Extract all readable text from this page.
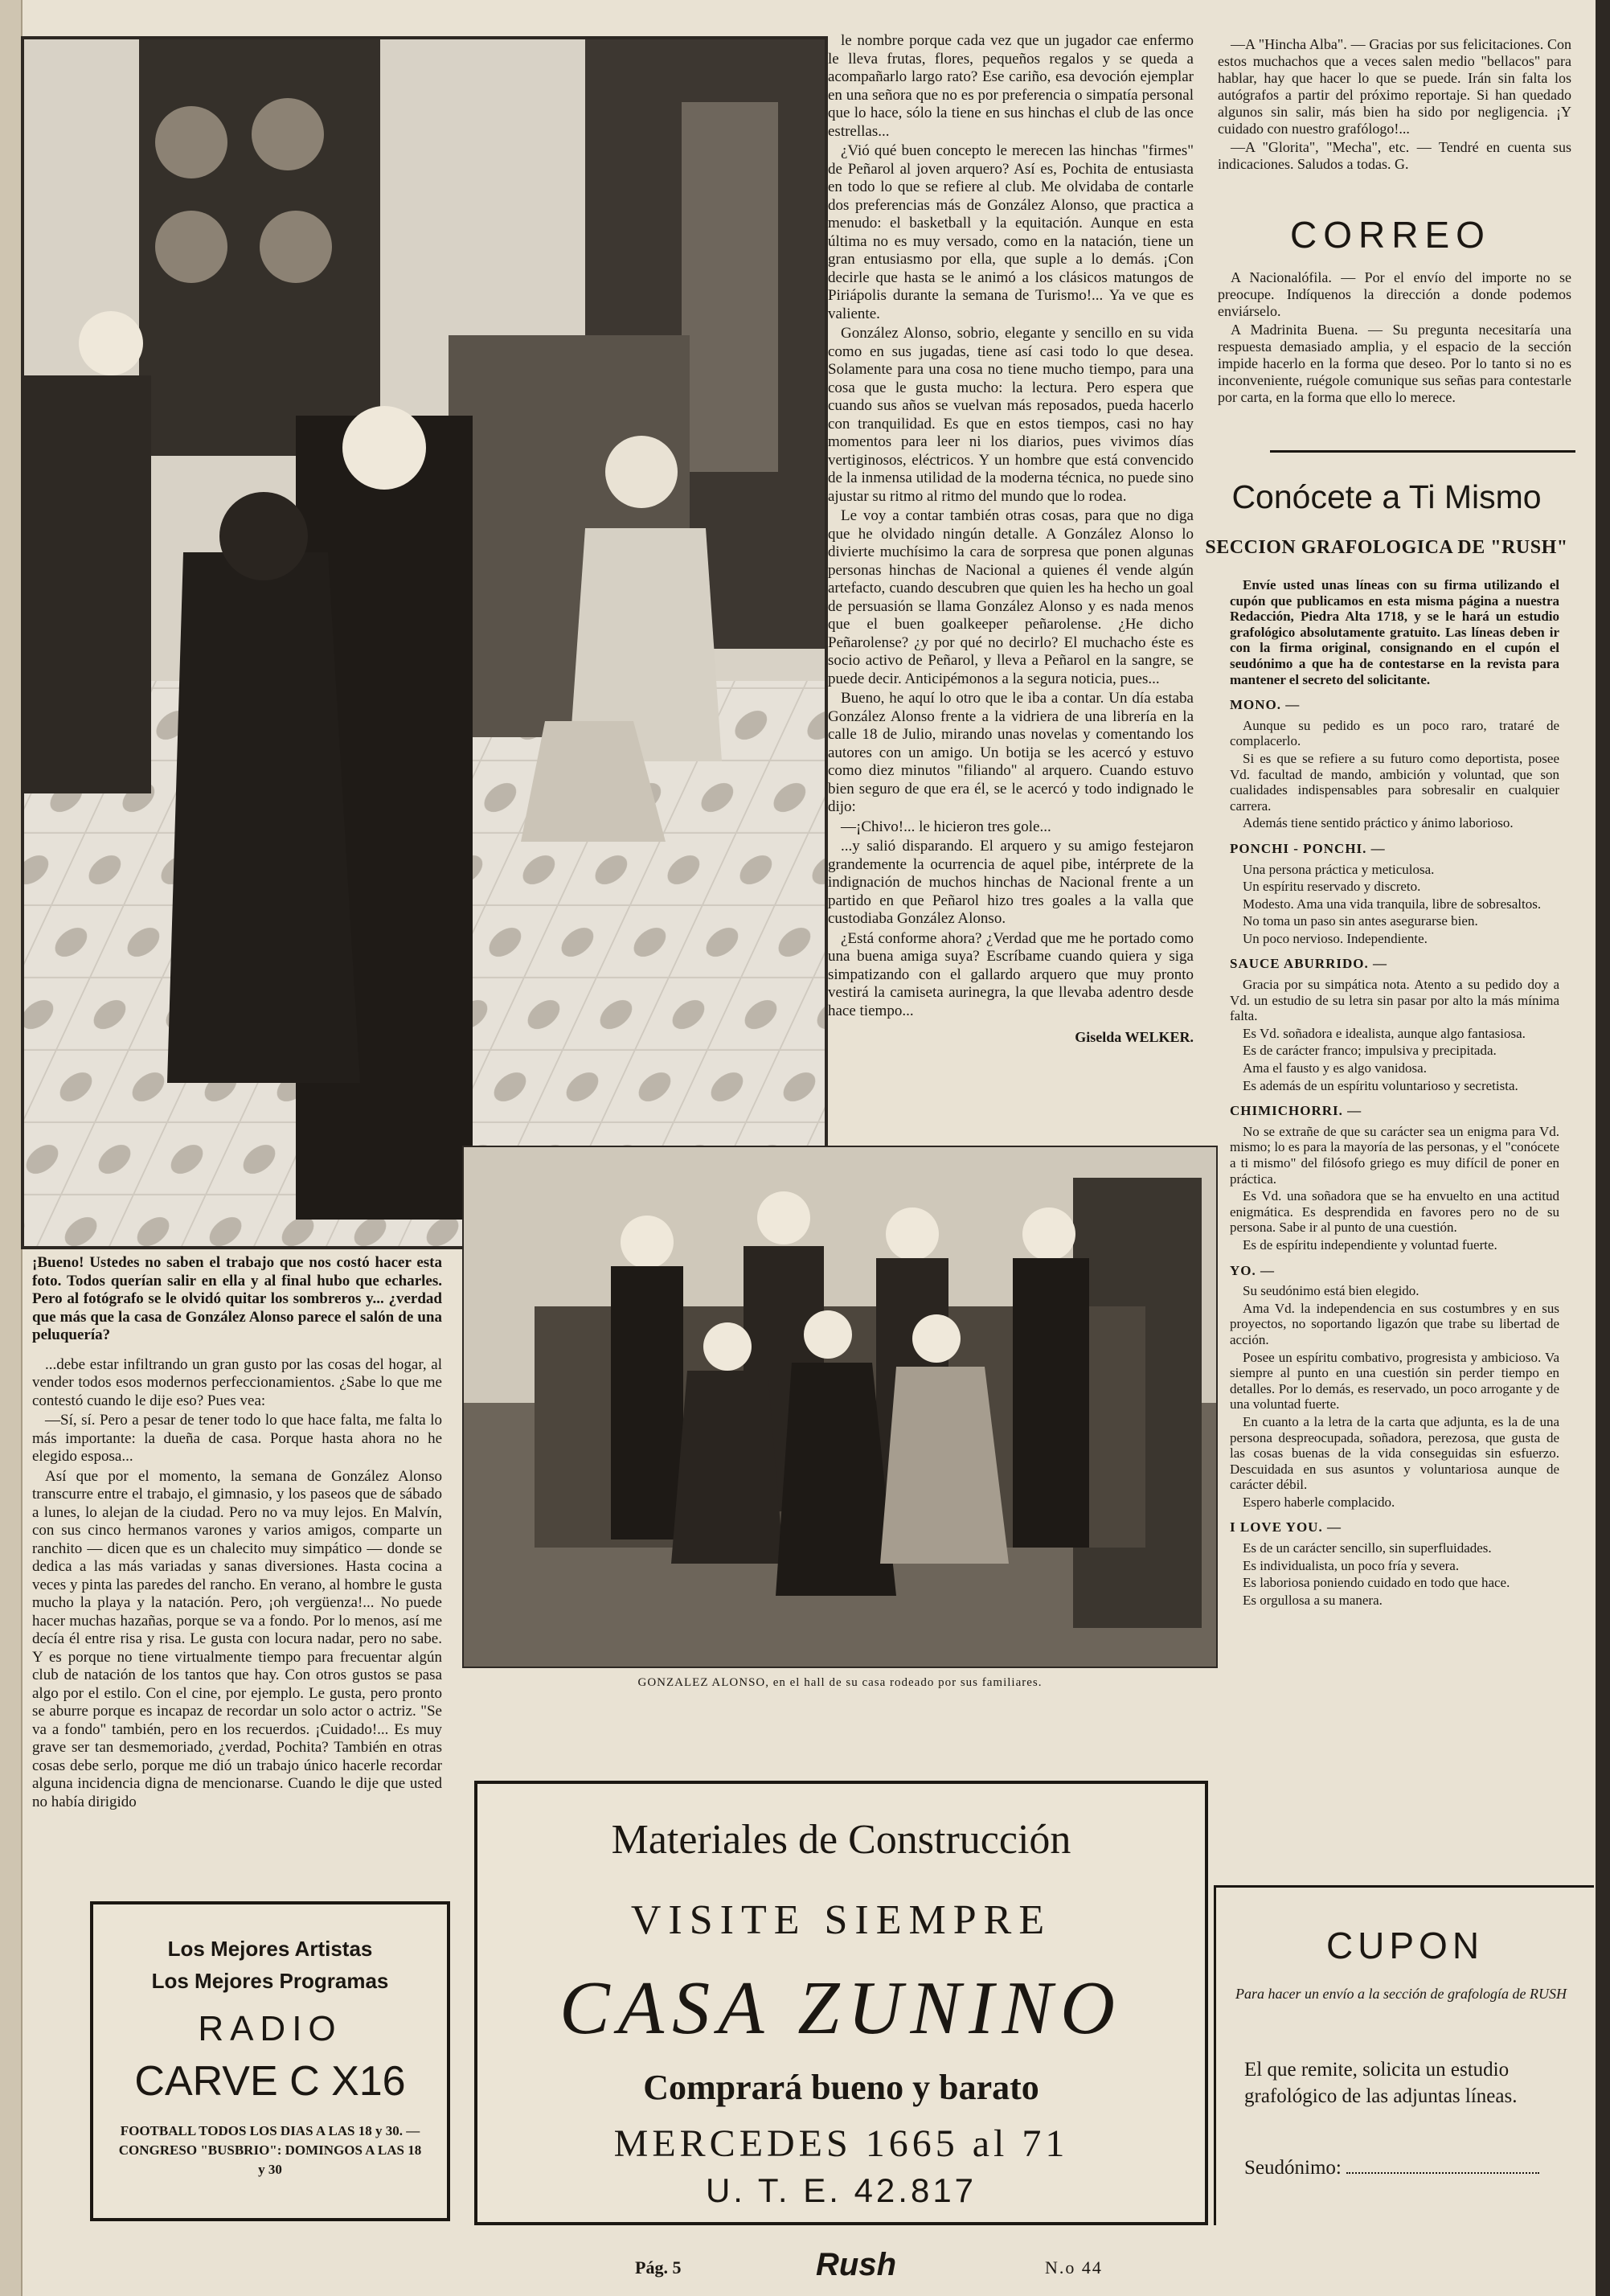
le nombre porque cada vez que un jugador cae enfermo le lleva frutas, flores, pequeños regalos y se queda a acompañarlo largo rato? Ese cariño, esa devoción ejemplar en una señora que no es por preferencia o simpatía personal que lo hace, sólo la tiene en sus hinchas el club de las once estrellas...

¿Vió qué buen concepto le merecen las hinchas "firmes" de Peñarol al joven arquero? Así es, Pochita de entusiasta en todo lo que se refiere al club. Me olvidaba de contarle dos preferencias más de González Alonso, que practica a menudo: el basketball y la equitación. Aunque en esta última no es muy versado, como en la natación, tiene un gran entusiasmo por ella, que suple a lo demás. ¡Con decirle que hasta se le animó a los clásicos matungos de Piriápolis durante la semana de Turismo!... Ya ve que es valiente.

González Alonso, sobrio, elegante y sencillo en su vida como en sus jugadas, tiene así casi todo lo que desea. Solamente para una cosa no tiene mucho tiempo, para una cosa que le gusta mucho: la lectura. Pero espera que cuando sus años se vuelvan más reposados, pueda hacerlo con tranquilidad. Es que en estos tiempos, casi no hay momentos para leer ni los diarios, pues vivimos días vertiginosos, eléctricos. Y un hombre que está convencido de la inmensa utilidad de la moderna técnica, no puede sino ajustar su ritmo al ritmo del mundo que lo rodea.

Le voy a contar también otras cosas, para que no diga que he olvidado ningún detalle. A González Alonso lo divierte muchísimo la cara de sorpresa que ponen algunas personas hinchas de Nacional a quienes él vende algún artefacto, cuando descubren que quien les ha hecho un goal de persuasión se llama González Alonso y es nada menos que el buen goalkeeper peñarolense. ¿He dicho Peñarolense? ¿y por qué no decirlo? El muchacho éste es socio activo de Peñarol, y lleva a Peñarol en la sangre, se puede decir. Anticipémonos a la segura noticia, pues...

Bueno, he aquí lo otro que le iba a contar. Un día estaba González Alonso frente a la vidriera de una librería en la calle 18 de Julio, mirando unas novelas y comentando los autores con un amigo. Un botija se les acercó y estuvo como diez minutos "filiando" al arquero. Cuando estuvo bien seguro de que era él, se le acercó y todo indignado le dijo:

—¡Chivo!... le hicieron tres gole...

...y salió disparando. El arquero y su amigo festejaron grandemente la ocurrencia de aquel pibe, intérprete de la indignación de muchos hinchas de Nacional frente a un partido en que Peñarol hizo tres goales a la valla que custodiaba González Alonso.

¿Está conforme ahora? ¿Verdad que me he portado como una buena amiga suya? Escríbame cuando quiera y siga simpatizando con el gallardo arquero que muy pronto vestirá la camiseta aurinegra, la que llevaba adentro desde hace tiempo...

Giselda WELKER.

—A "Hincha Alba". — Gracias por sus felicitaciones. Con estos muchachos que a veces salen medio "bellacos" para hablar, hay que hacer lo que se puede. Irán sin falta los autógrafos a partir del próximo reportaje. Si han quedado algunos sin salir, más bien ha sido por negligencia. ¡Y cuidado con nuestro grafólogo!...

—A "Glorita", "Mecha", etc. — Tendré en cuenta sus indicaciones. Saludos a todas. G.

CORREO

A Nacionalófila. — Por el envío del importe no se preocupe. Indíquenos la dirección a donde podemos enviárselo.

A Madrinita Buena. — Su pregunta necesitaría una respuesta demasiado amplia, y el espacio de la sección impide hacerlo en la forma que deseo. Por lo tanto si no es inconveniente, ruégole comunique sus señas para contestarle por carta, en la forma que ello lo merece.

Conócete a Ti Mismo
SECCION GRAFOLOGICA DE "RUSH"

Envíe usted unas líneas con su firma utilizando el cupón que publicamos en esta misma página a nuestra Redacción, Piedra Alta 1718, y se le hará un estudio grafológico absolutamente gratuito. Las líneas deben ir con la firma original, consignando en el cupón el seudónimo a que ha de contestarse en la revista para mantener el secreto del solicitante.

MONO. —

Aunque su pedido es un poco raro, trataré de complacerlo.

Si es que se refiere a su futuro como deportista, posee Vd. facultad de mando, ambición y voluntad, que son cualidades indispensables para sobresalir en cualquier carrera.

Además tiene sentido práctico y ánimo laborioso.

PONCHI - PONCHI. —

Una persona práctica y meticulosa.

Un espíritu reservado y discreto.

Modesto. Ama una vida tranquila, libre de sobresaltos.

No toma un paso sin antes asegurarse bien.

Un poco nervioso. Independiente.

SAUCE ABURRIDO. —

Gracia por su simpática nota. Atento a su pedido doy a Vd. un estudio de su letra sin pasar por alto la más mínima falta.

Es Vd. soñadora e idealista, aunque algo fantasiosa.

Es de carácter franco; impulsiva y precipitada.

Ama el fausto y es algo vanidosa.

Es además de un espíritu voluntarioso y secretista.

CHIMICHORRI. —

No se extrañe de que su carácter sea un enigma para Vd. mismo; lo es para la mayoría de las personas, y el "conócete a ti mismo" del filósofo griego es muy difícil de poner en práctica.

Es Vd. una soñadora que se ha envuelto en una actitud enigmática. Es desprendida en favores pero no de su persona. Sabe ir al punto de una cuestión.

Es de espíritu independiente y voluntad fuerte.

YO. —

Su seudónimo está bien elegido.

Ama Vd. la independencia en sus costumbres y en sus proyectos, no soportando ligazón que trabe su libertad de acción.

Posee un espíritu combativo, progresista y ambicioso. Va siempre al punto en una cuestión sin perder tiempo en detalles. Por lo demás, es reservado, un poco arrogante y de una voluntad fuerte.

En cuanto a la letra de la carta que adjunta, es la de una persona despreocupada, soñadora, perezosa, que gusta de las cosas buenas de la vida conseguidas sin esfuerzo. Descuidada en sus asuntos y voluntariosa aunque de carácter débil.

Espero haberle complacido.

I LOVE YOU. —

Es de un carácter sencillo, sin superfluidades.

Es individualista, un poco fría y severa.

Es laboriosa poniendo cuidado en todo que hace.

Es orgullosa a su manera.

GONZALEZ ALONSO, en el hall de su casa rodeado por sus familiares.

¡Bueno! Ustedes no saben el trabajo que nos costó hacer esta foto. Todos querían salir en ella y al final hubo que echarles. Pero al fotógrafo se le olvidó quitar los sombreros y... ¿verdad que más que la casa de González Alonso parece el salón de una peluquería?

...debe estar infiltrando un gran gusto por las cosas del hogar, al vender todos esos modernos perfeccionamientos. ¿Sabe lo que me contestó cuando le dije eso? Pues vea:

—Sí, sí. Pero a pesar de tener todo lo que hace falta, me falta lo más importante: la dueña de casa. Porque hasta ahora no he elegido esposa...

Así que por el momento, la semana de González Alonso transcurre entre el trabajo, el gimnasio, y los paseos que de sábado a lunes, lo alejan de la ciudad. Pero no va muy lejos. En Malvín, con sus cinco hermanos varones y varios amigos, comparte un ranchito — dicen que es un chalecito muy simpático — donde se dedica a las más variadas y sanas diversiones. Hasta cocina a veces y pinta las paredes del rancho. En verano, al hombre le gusta mucho la playa y la natación. Pero, ¡oh vergüenza!... No puede hacer muchas hazañas, porque se va a fondo. Por lo menos, así me decía él entre risa y risa. Le gusta con locura nadar, pero no sabe. Y es porque no tiene virtualmente tiempo para frecuentar algún club de natación de los tantos que hay. Con otros gustos se pasa algo por el estilo. Con el cine, por ejemplo. Le gusta, pero pronto se aburre porque es incapaz de recordar un solo actor o actriz. "Se va a fondo" también, pero en los recuerdos. ¡Cuidado!... Es muy grave ser tan desmemoriado, ¿verdad, Pochita? También en otras cosas debe serlo, porque me dió un trabajo único hacerle recordar alguna incidencia digna de mencionarse. Cuando le dije que usted no había dirigido

Los Mejores Artistas
Los Mejores Programas
RADIO
CARVE C X16
FOOTBALL TODOS LOS DIAS A LAS 18 y 30. — CONGRESO "BUSBRIO": DOMINGOS A LAS 18 y 30
Materiales de Construcción
VISITE SIEMPRE
CASA ZUNINO
Comprará bueno y barato
MERCEDES 1665 al 71
U. T. E. 42.817
CUPON
Para hacer un envío a la sección de grafología de RUSH
El que remite, solicita un estudio grafológico de las adjuntas líneas.
Seudónimo:
Pág. 5	Rush	N.o 44
